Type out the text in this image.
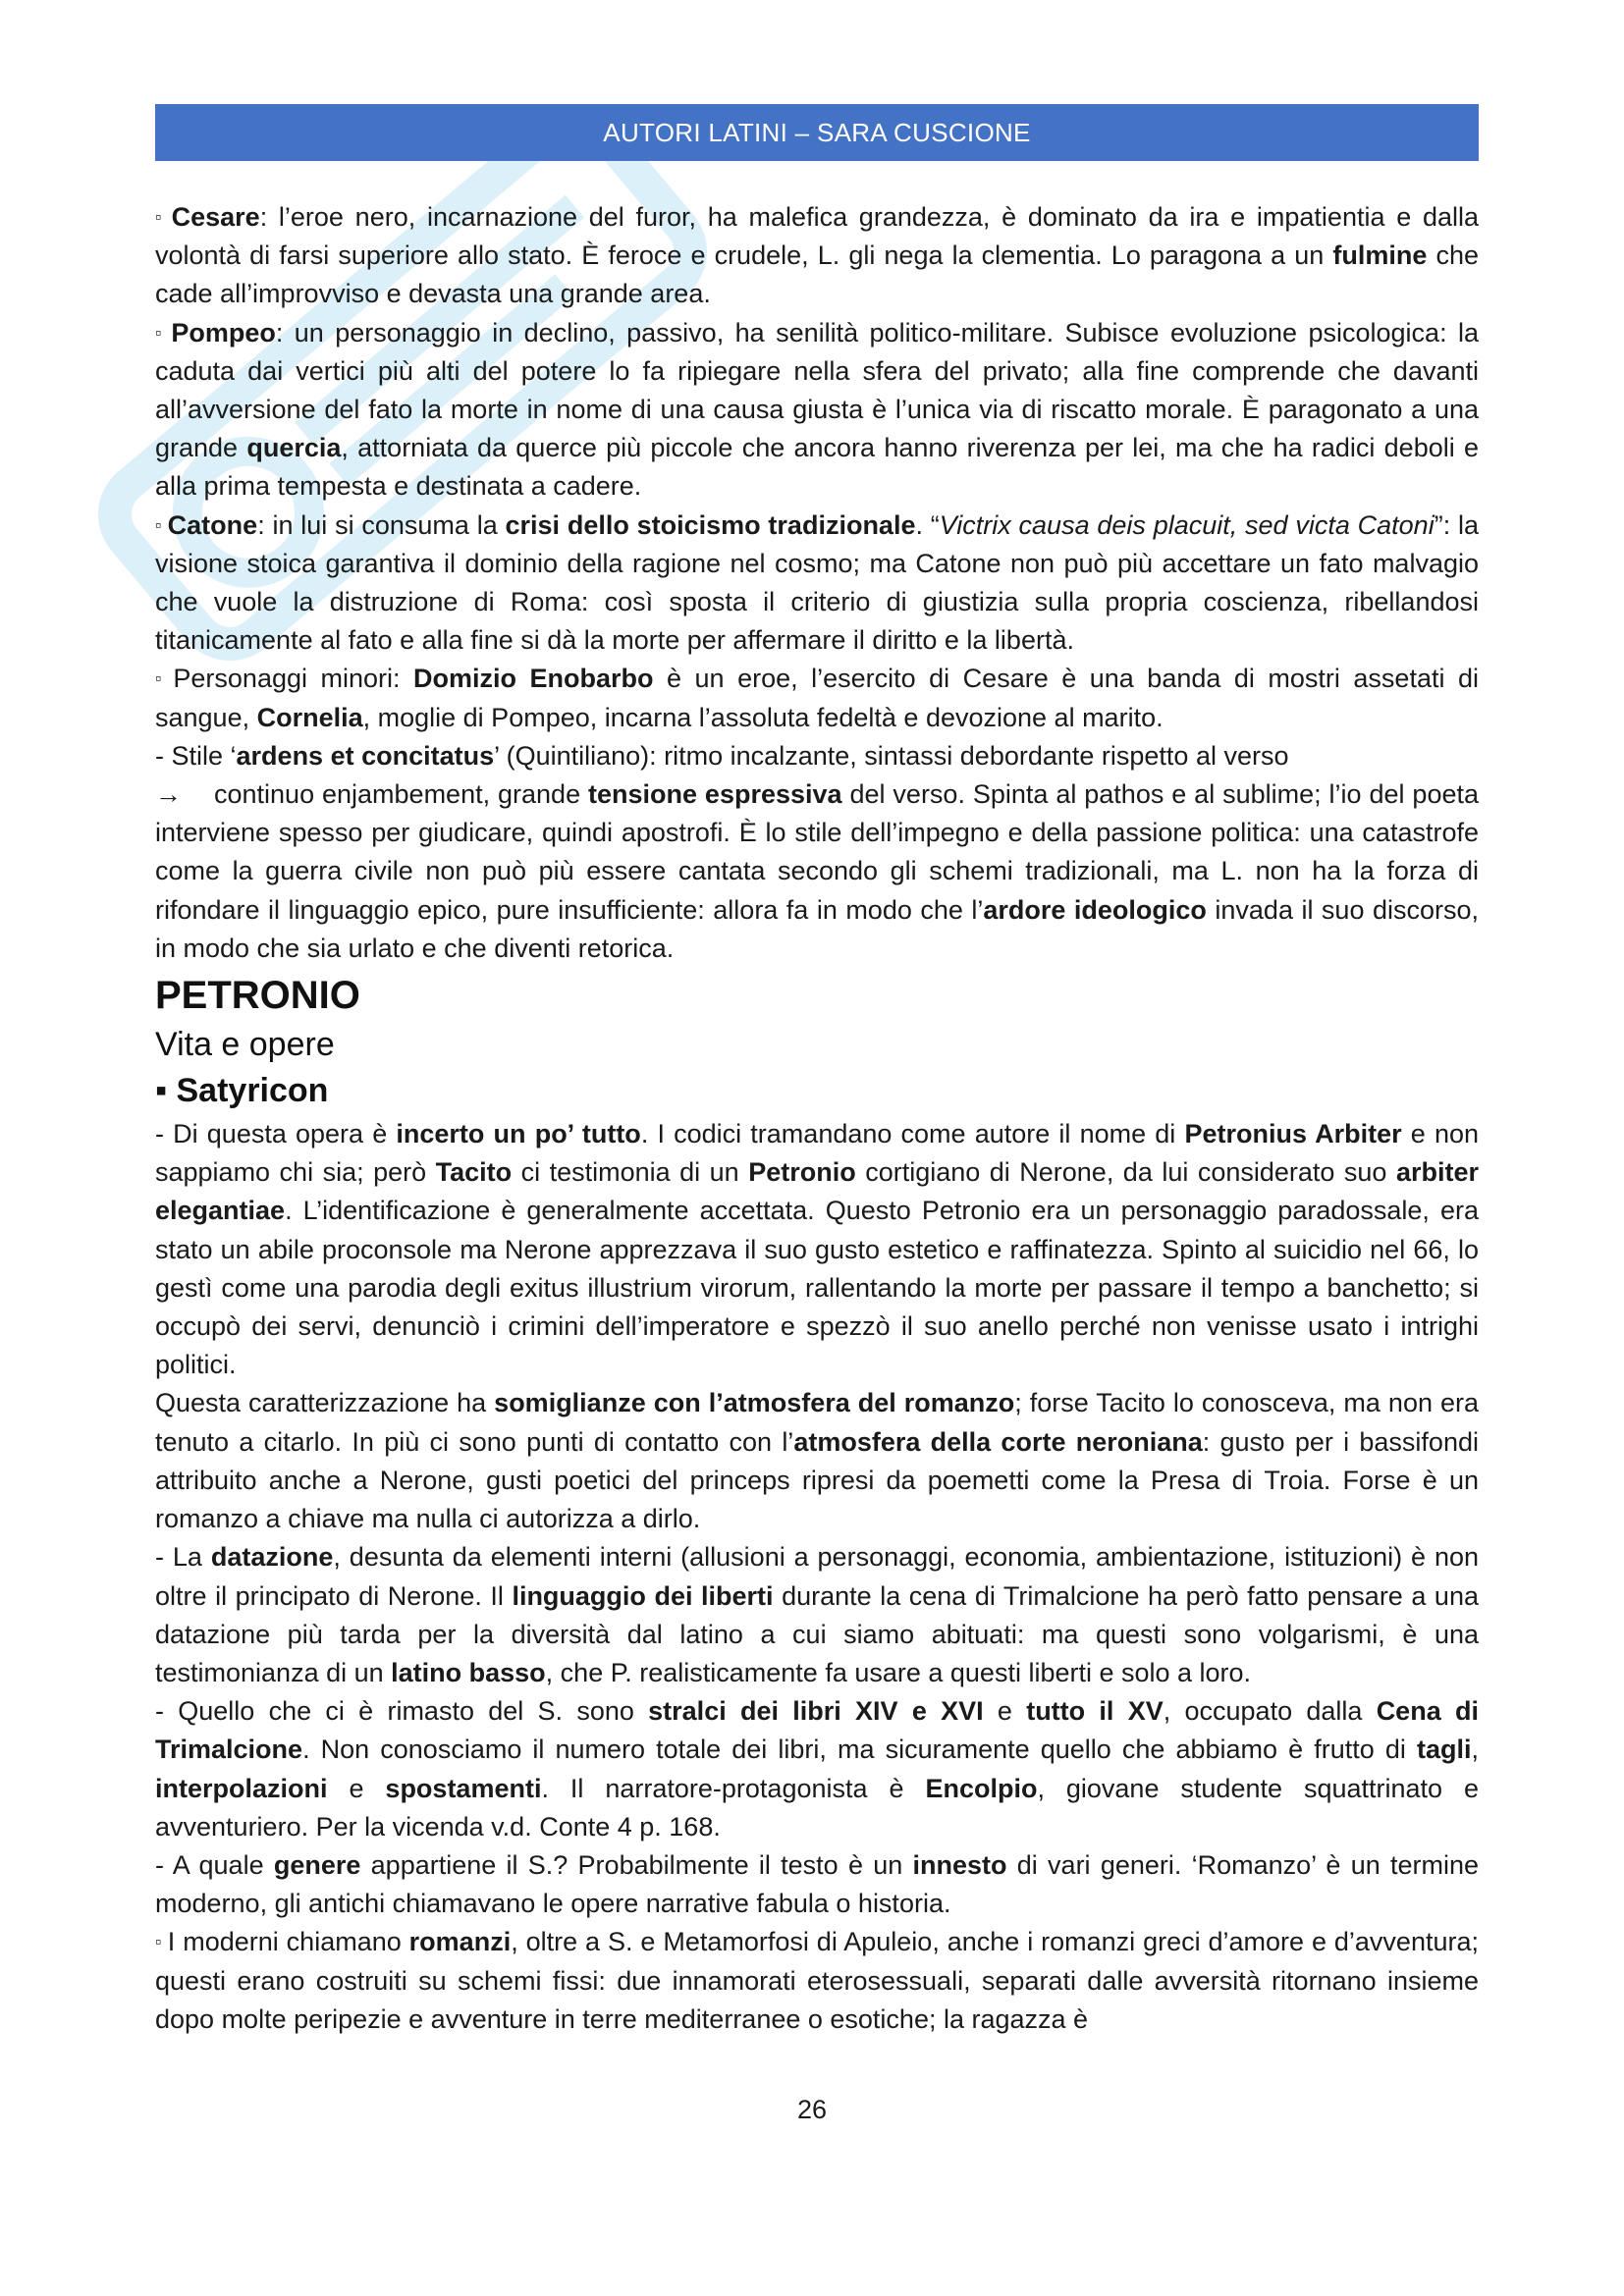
AUTORI LATINI – SARA CUSCIONE

▫ Cesare: l’eroe nero, incarnazione del furor, ha malefica grandezza, è dominato da ira e impatientia e dalla volontà di farsi superiore allo stato. È feroce e crudele, L. gli nega la clementia. Lo paragona a un fulmine che cade all’improvviso e devasta una grande area.

▫ Pompeo: un personaggio in declino, passivo, ha senilità politico-militare. Subisce evoluzione psicologica: la caduta dai vertici più alti del potere lo fa ripiegare nella sfera del privato; alla fine comprende che davanti all’avversione del fato la morte in nome di una causa giusta è l’unica via di riscatto morale. È paragonato a una grande quercia, attorniata da querce più piccole che ancora hanno riverenza per lei, ma che ha radici deboli e alla prima tempesta e destinata a cadere.

▫ Catone: in lui si consuma la crisi dello stoicismo tradizionale. “Victrix causa deis placuit, sed victa Catoni”: la visione stoica garantiva il dominio della ragione nel cosmo; ma Catone non può più accettare un fato malvagio che vuole la distruzione di Roma: così sposta il criterio di giustizia sulla propria coscienza, ribellandosi titanicamente al fato e alla fine si dà la morte per affermare il diritto e la libertà.

▫ Personaggi minori: Domizio Enobarbo è un eroe, l’esercito di Cesare è una banda di mostri assetati di sangue, Cornelia, moglie di Pompeo, incarna l’assoluta fedeltà e devozione al marito.

- Stile ‘ardens et concitatus’ (Quintiliano): ritmo incalzante, sintassi debordante rispetto al verso
→ continuo enjambement, grande tensione espressiva del verso. Spinta al pathos e al sublime; l’io del poeta interviene spesso per giudicare, quindi apostrofi. È lo stile dell’impegno e della passione politica: una catastrofe come la guerra civile non può più essere cantata secondo gli schemi tradizionali, ma L. non ha la forza di rifondare il linguaggio epico, pure insufficiente: allora fa in modo che l’ardore ideologico invada il suo discorso, in modo che sia urlato e che diventi retorica.

PETRONIO
Vita e opere
▪ Satyricon

- Di questa opera è incerto un po’ tutto. I codici tramandano come autore il nome di Petronius Arbiter e non sappiamo chi sia; però Tacito ci testimonia di un Petronio cortigiano di Nerone, da lui considerato suo arbiter elegantiae. L’identificazione è generalmente accettata. Questo Petronio era un personaggio paradossale, era stato un abile proconsole ma Nerone apprezzava il suo gusto estetico e raffinatezza. Spinto al suicidio nel 66, lo gestì come una parodia degli exitus illustrium virorum, rallentando la morte per passare il tempo a banchetto; si occupò dei servi, denunciò i crimini dell’imperatore e spezzò il suo anello perché non venisse usato i intrighi politici.

Questa caratterizzazione ha somiglianze con l’atmosfera del romanzo; forse Tacito lo conosceva, ma non era tenuto a citarlo. In più ci sono punti di contatto con l’atmosfera della corte neroniana: gusto per i bassifondi attribuito anche a Nerone, gusti poetici del princeps ripresi da poemetti come la Presa di Troia. Forse è un romanzo a chiave ma nulla ci autorizza a dirlo.

- La datazione, desunta da elementi interni (allusioni a personaggi, economia, ambientazione, istituzioni) è non oltre il principato di Nerone. Il linguaggio dei liberti durante la cena di Trimalcione ha però fatto pensare a una datazione più tarda per la diversità dal latino a cui siamo abituati: ma questi sono volgarismi, è una testimonianza di un latino basso, che P. realisticamente fa usare a questi liberti e solo a loro.

- Quello che ci è rimasto del S. sono stralci dei libri XIV e XVI e tutto il XV, occupato dalla Cena di Trimalcione. Non conosciamo il numero totale dei libri, ma sicuramente quello che abbiamo è frutto di tagli, interpolazioni e spostamenti. Il narratore-protagonista è Encolpio, giovane studente squattrinato e avventuriero. Per la vicenda v.d. Conte 4 p. 168.

- A quale genere appartiene il S.? Probabilmente il testo è un innesto di vari generi. ‘Romanzo’ è un termine moderno, gli antichi chiamavano le opere narrative fabula o historia.

▫ I moderni chiamano romanzi, oltre a S. e Metamorfosi di Apuleio, anche i romanzi greci d’amore e d’avventura; questi erano costruiti su schemi fissi: due innamorati eterosessuali, separati dalle avversità ritornano insieme dopo molte peripezie e avventure in terre mediterranee o esotiche; la ragazza è

26
